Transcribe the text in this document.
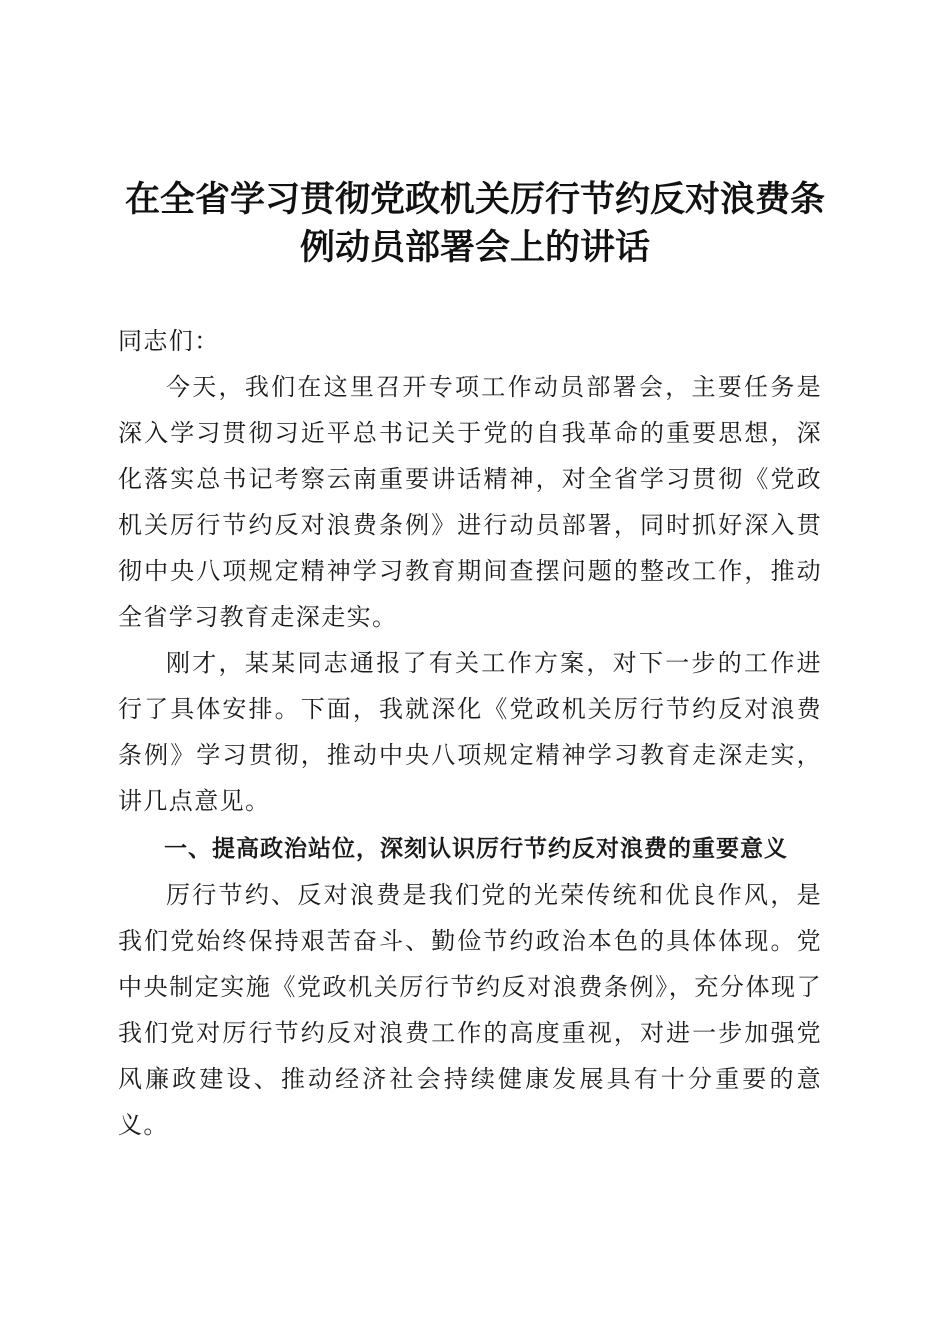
在全省学习贯彻党政机关厉行节约反对浪费条例动员部署会上的讲话

同志们：

今天，我们在这里召开专项工作动员部署会，主要任务是深入学习贯彻习近平总书记关于党的自我革命的重要思想，深化落实总书记考察云南重要讲话精神，对全省学习贯彻《党政机关厉行节约反对浪费条例》进行动员部署，同时抓好深入贯彻中央八项规定精神学习教育期间查摆问题的整改工作，推动全省学习教育走深走实。

刚才，某某同志通报了有关工作方案，对下一步的工作进行了具体安排。下面，我就深化《党政机关厉行节约反对浪费条例》学习贯彻，推动中央八项规定精神学习教育走深走实，讲几点意见。

一、提高政治站位，深刻认识厉行节约反对浪费的重要意义

厉行节约、反对浪费是我们党的光荣传统和优良作风，是我们党始终保持艰苦奋斗、勤俭节约政治本色的具体体现。党中央制定实施《党政机关厉行节约反对浪费条例》，充分体现了我们党对厉行节约反对浪费工作的高度重视，对进一步加强党风廉政建设、推动经济社会持续健康发展具有十分重要的意义。
